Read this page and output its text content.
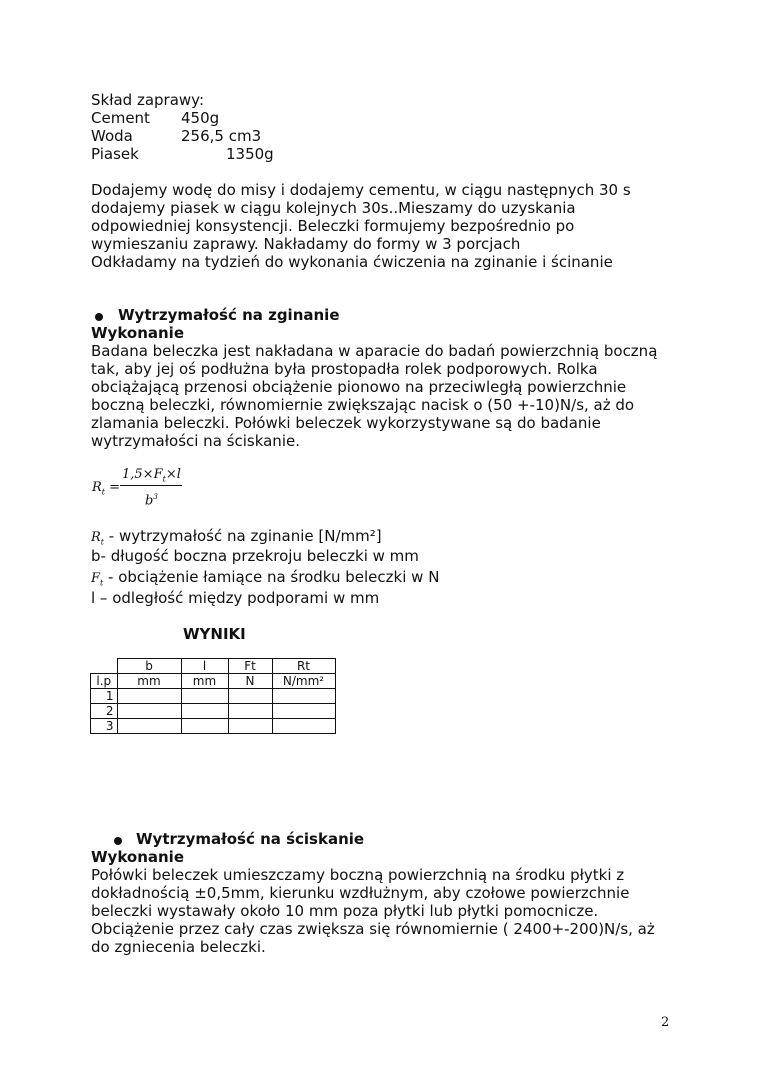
Skład zaprawy:
Cement 450g
Woda	256,5 cm3
Piasek	1350g
Dodajemy wodę do misy i dodajemy cementu, w ciągu następnych 30 s
dodajemy piasek w ciągu kolejnych 30s..Mieszamy do uzyskania
odpowiedniej konsystencji. Beleczki formujemy bezpośrednio po
wymieszaniu zaprawy. Nakładamy do formy w 3 porcjach
Odkładamy na tydzień do wykonania ćwiczenia na zginanie i ścinanie
Wytrzymałość na zginanie
Wykonanie
Badana beleczka jest nakładana w aparacie do badań powierzchnią boczną
tak, aby jej oś podłużna była prostopadła rolek podporowych. Rolka
obciążającą przenosi obciążenie pionowo na przeciwległą powierzchnie
boczną beleczki, równomiernie zwiększając nacisk o (50 +-10)N/s, aż do
zlamania beleczki. Połówki beleczek wykorzystywane są do badanie
wytrzymałości na ściskanie.
$R_t$ =
$1,5\times F_t\times l$
$b^3$
$R_t$ - wytrzymałość na zginanie [N/mm²]
b- długość boczna przekroju beleczki w mm
$F_t$ - obciążenie łamiące na środku beleczki w N
l – odległość między podporami w mm
WYNIKI
	b	l	Ft	Rt
l.p	mm	mm	N	N/mm²
1				
2				
3				
Wytrzymałość na ściskanie
Wykonanie
Połówki beleczek umieszczamy boczną powierzchnią na środku płytki z
dokładnością ±0,5mm, kierunku wzdłużnym, aby czołowe powierzchnie
beleczki wystawały około 10 mm poza płytki lub płytki pomocnicze.
Obciążenie przez cały czas zwiększa się równomiernie ( 2400+-200)N/s, aż
do zgniecenia beleczki.
2
